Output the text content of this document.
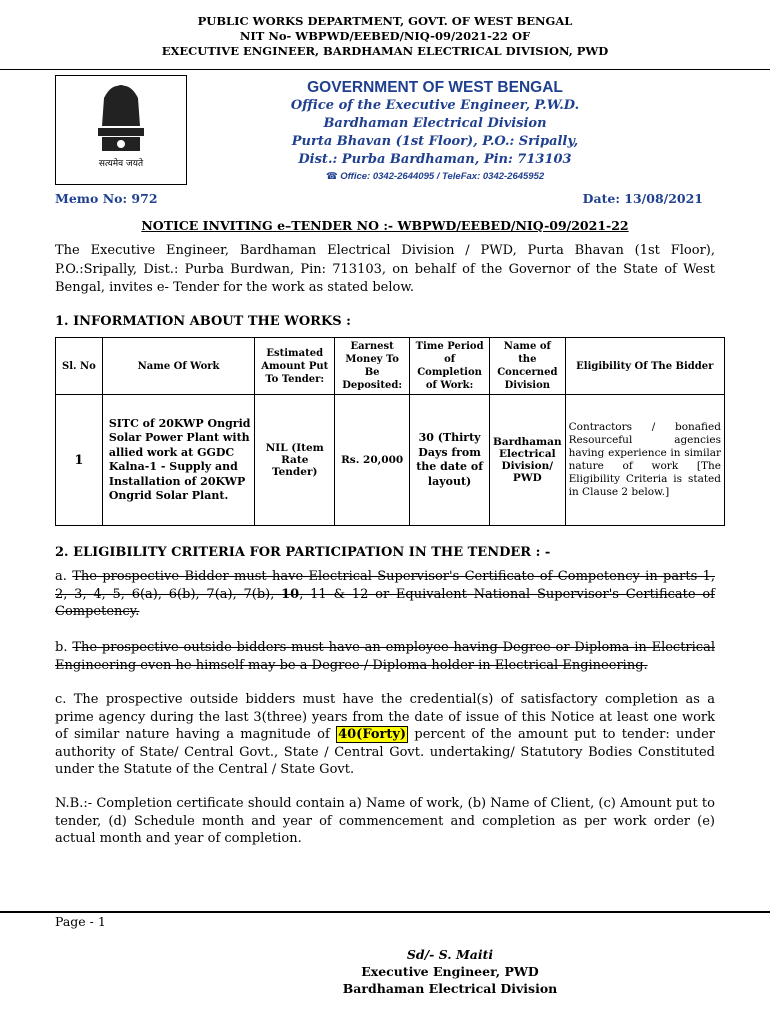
PUBLIC WORKS DEPARTMENT, GOVT. OF WEST BENGAL
NIT No- WBPWD/EEBED/NIQ-09/2021-22 OF
EXECUTIVE ENGINEER, BARDHAMAN ELECTRICAL DIVISION, PWD
सत्यमेव जयते
GOVERNMENT OF WEST BENGAL
Office of the Executive Engineer, P.W.D.
Bardhaman Electrical Division
Purta Bhavan (1st Floor), P.O.: Sripally,
Dist.: Purba Bardhaman, Pin: 713103
☎ Office: 0342-2644095 / TeleFax: 0342-2645952
Memo No: 972	Date: 13/08/2021
NOTICE INVITING e–TENDER NO :- WBPWD/EEBED/NIQ-09/2021-22
The Executive Engineer, Bardhaman Electrical Division / PWD, Purta Bhavan (1st Floor), P.O.:Sripally, Dist.: Purba Burdwan, Pin: 713103, on behalf of the Governor of the State of West Bengal, invites e- Tender for the work as stated below.
1. INFORMATION ABOUT THE WORKS :
Sl. No	Name Of Work	Estimated Amount Put To Tender:	Earnest Money To Be Deposited:	Time Period of Completion of Work:	Name of the Concerned Division	Eligibility Of The Bidder
1	SITC of 20KWP Ongrid Solar Power Plant with allied work at GGDC Kalna-1 - Supply and Installation of 20KWP Ongrid Solar Plant.	NIL (Item Rate Tender)	Rs. 20,000	30 (Thirty Days from the date of layout)	Bardhaman Electrical Division/ PWD	Contractors / bonafied Resourceful agencies having experience in similar nature of work [The Eligibility Criteria is stated in Clause 2 below.]
2. ELIGIBILITY CRITERIA FOR PARTICIPATION IN THE TENDER : -
a. The prospective Bidder must have Electrical Supervisor's Certificate of Competency in parts 1, 2, 3, 4, 5, 6(a), 6(b), 7(a), 7(b), 10, 11 & 12 or Equivalent National Supervisor's Certificate of Competency.
b. The prospective outside bidders must have an employee having Degree or Diploma in Electrical Engineering even he himself may be a Degree / Diploma holder in Electrical Engineering.
c. The prospective outside bidders must have the credential(s) of satisfactory completion as a prime agency during the last 3(three) years from the date of issue of this Notice at least one work of similar nature having a magnitude of 40(Forty) percent of the amount put to tender: under authority of State/ Central Govt., State / Central Govt. undertaking/ Statutory Bodies Constituted under the Statute of the Central / State Govt.
N.B.:- Completion certificate should contain a) Name of work, (b) Name of Client, (c) Amount put to tender, (d) Schedule month and year of commencement and completion as per work order (e) actual month and year of completion.
Page - 1
Sd/- S. Maiti
Executive Engineer, PWD
Bardhaman Electrical Division
